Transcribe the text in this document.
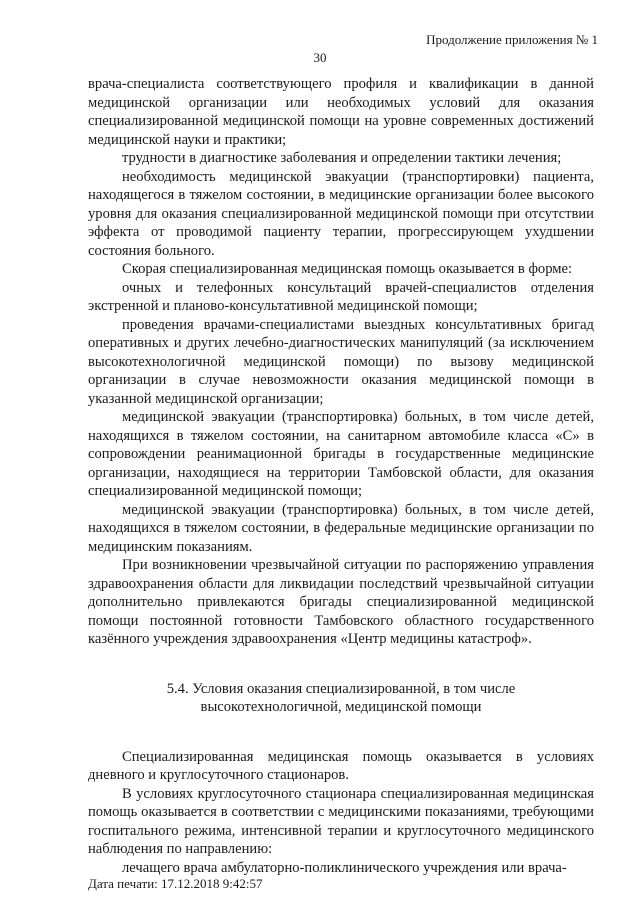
Продолжение приложения № 1
30

врача-специалиста соответствующего профиля и квалификации в данной медицинской организации или необходимых условий для оказания специализированной медицинской помощи на уровне современных достижений медицинской науки и практики;

трудности в диагностике заболевания и определении тактики лечения;

необходимость медицинской эвакуации (транспортировки) пациента, находящегося в тяжелом состоянии, в медицинские организации более высокого уровня для оказания специализированной медицинской помощи при отсутствии эффекта от проводимой пациенту терапии, прогрессирующем ухудшении состояния больного.

Скорая специализированная медицинская помощь оказывается в форме:

очных и телефонных консультаций врачей-специалистов отделения экстренной и планово-консультативной медицинской помощи;

проведения врачами-специалистами выездных консультативных бригад оперативных и других лечебно-диагностических манипуляций (за исключением высокотехнологичной медицинской помощи) по вызову медицинской организации в случае невозможности оказания медицинской помощи в указанной медицинской организации;

медицинской эвакуации (транспортировка) больных, в том числе детей, находящихся в тяжелом состоянии, на санитарном автомобиле класса «С» в сопровождении реанимационной бригады в государственные медицинские организации, находящиеся на территории Тамбовской области, для оказания специализированной медицинской помощи;

медицинской эвакуации (транспортировка) больных, в том числе детей, находящихся в тяжелом состоянии, в федеральные медицинские организации по медицинским показаниям.

При возникновении чрезвычайной ситуации по распоряжению управления здравоохранения области для ликвидации последствий чрезвычайной ситуации дополнительно привлекаются бригады специализированной медицинской помощи постоянной готовности Тамбовского областного государственного казённого учреждения здравоохранения «Центр медицины катастроф».

5.4. Условия оказания специализированной, в том числе
высокотехнологичной, медицинской помощи

Специализированная медицинская помощь оказывается в условиях дневного и круглосуточного стационаров.

В условиях круглосуточного стационара специализированная медицинская помощь оказывается в соответствии с медицинскими показаниями, требующими госпитального режима, интенсивной терапии и круглосуточного медицинского наблюдения по направлению:

лечащего врача амбулаторно-поликлинического учреждения или врача-

Дата печати: 17.12.2018 9:42:57
